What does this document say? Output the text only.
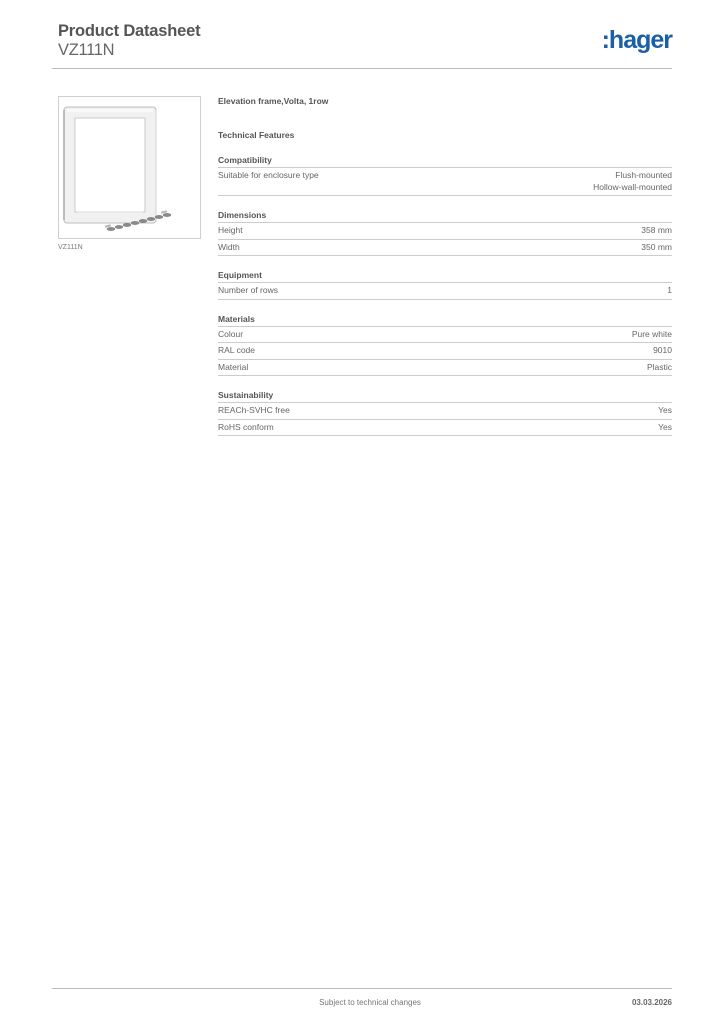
Product Datasheet
VZ111N	:hager
VZ111N
Elevation frame,Volta, 1row
Technical Features
Compatibility
Suitable for enclosure type	Flush-mounted
Hollow-wall-mounted
Dimensions
Height	358 mm
Width	350 mm
Equipment
Number of rows	1
Materials
Colour	Pure white
RAL code	9010
Material	Plastic
Sustainability
REACh-SVHC free	Yes
RoHS conform	Yes
Subject to technical changes	03.03.2026
